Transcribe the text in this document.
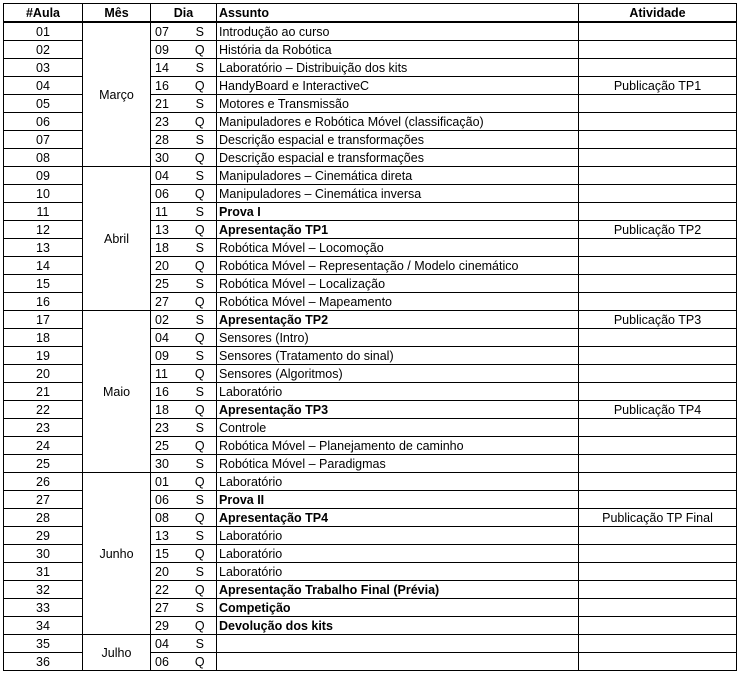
#Aula	Mês	Dia		Assunto	Atividade
01	Março	07	S	Introdução ao curso	
02		09	Q	História da Robótica	
03		14	S	Laboratório – Distribuição dos kits	
04		16	Q	HandyBoard e InteractiveC	Publicação TP1
05		21	S	Motores e Transmissão	
06		23	Q	Manipuladores e Robótica Móvel (classificação)	
07		28	S	Descrição espacial e transformações	
08		30	Q	Descrição espacial e transformações	
09	Abril	04	S	Manipuladores – Cinemática direta	
10		06	Q	Manipuladores – Cinemática inversa	
11		11	S	Prova I	
12		13	Q	Apresentação TP1	Publicação TP2
13		18	S	Robótica Móvel – Locomoção	
14		20	Q	Robótica Móvel – Representação / Modelo cinemático	
15		25	S	Robótica Móvel – Localização	
16		27	Q	Robótica Móvel – Mapeamento	
17	Maio	02	S	Apresentação TP2	Publicação TP3
18		04	Q	Sensores (Intro)	
19		09	S	Sensores (Tratamento do sinal)	
20		11	Q	Sensores (Algoritmos)	
21		16	S	Laboratório	
22		18	Q	Apresentação TP3	Publicação TP4
23		23	S	Controle	
24		25	Q	Robótica Móvel – Planejamento de caminho	
25		30	S	Robótica Móvel – Paradigmas	
26	Junho	01	Q	Laboratório	
27		06	S	Prova II	
28		08	Q	Apresentação TP4	Publicação TP Final
29		13	S	Laboratório	
30		15	Q	Laboratório	
31		20	S	Laboratório	
32		22	Q	Apresentação Trabalho Final (Prévia)	
33		27	S	Competição	
34		29	Q	Devolução dos kits	
35	Julho	04	S		
36		06	Q		
